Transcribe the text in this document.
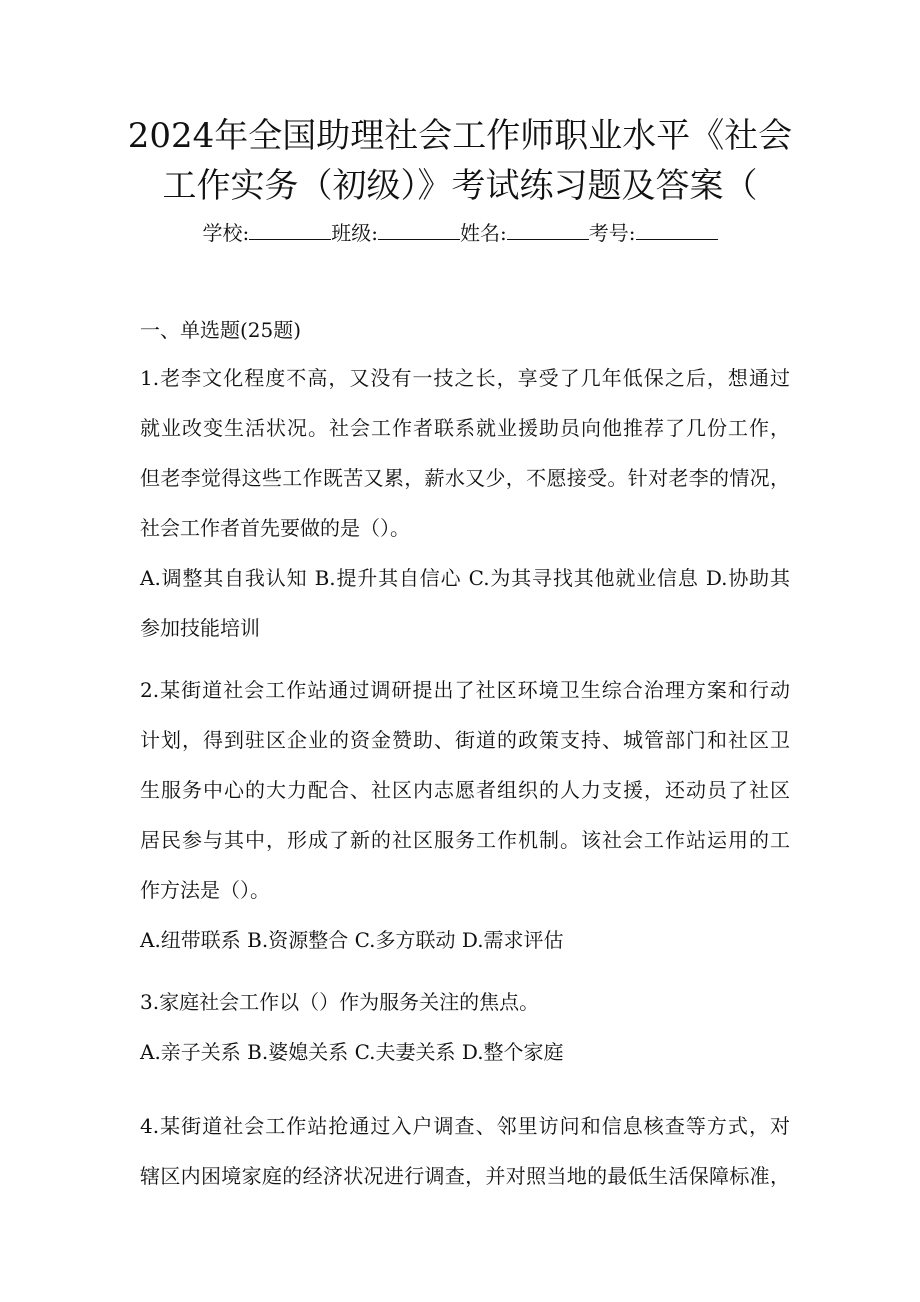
2024年全国助理社会工作师职业水平《社会
工作实务（初级）》考试练习题及答案（
学校:	班级:	姓名:	考号:
一、单选题(25题)
1.老李文化程度不高，又没有一技之长，享受了几年低保之后，想通过
就业改变生活状况。社会工作者联系就业援助员向他推荐了几份工作，
但老李觉得这些工作既苦又累，薪水又少，不愿接受。针对老李的情况，
社会工作者首先要做的是（）。
A.调整其自我认知 B.提升其自信心 C.为其寻找其他就业信息 D.协助其
参加技能培训
2.某街道社会工作站通过调研提出了社区环境卫生综合治理方案和行动
计划，得到驻区企业的资金赞助、街道的政策支持、城管部门和社区卫
生服务中心的大力配合、社区内志愿者组织的人力支援，还动员了社区
居民参与其中，形成了新的社区服务工作机制。该社会工作站运用的工
作方法是（）。
A.纽带联系 B.资源整合 C.多方联动 D.需求评估
3.家庭社会工作以（）作为服务关注的焦点。
A.亲子关系 B.婆媳关系 C.夫妻关系 D.整个家庭
4.某街道社会工作站抢通过入户调查、邻里访问和信息核查等方式，对
辖区内困境家庭的经济状况进行调查，并对照当地的最低生活保障标准，
